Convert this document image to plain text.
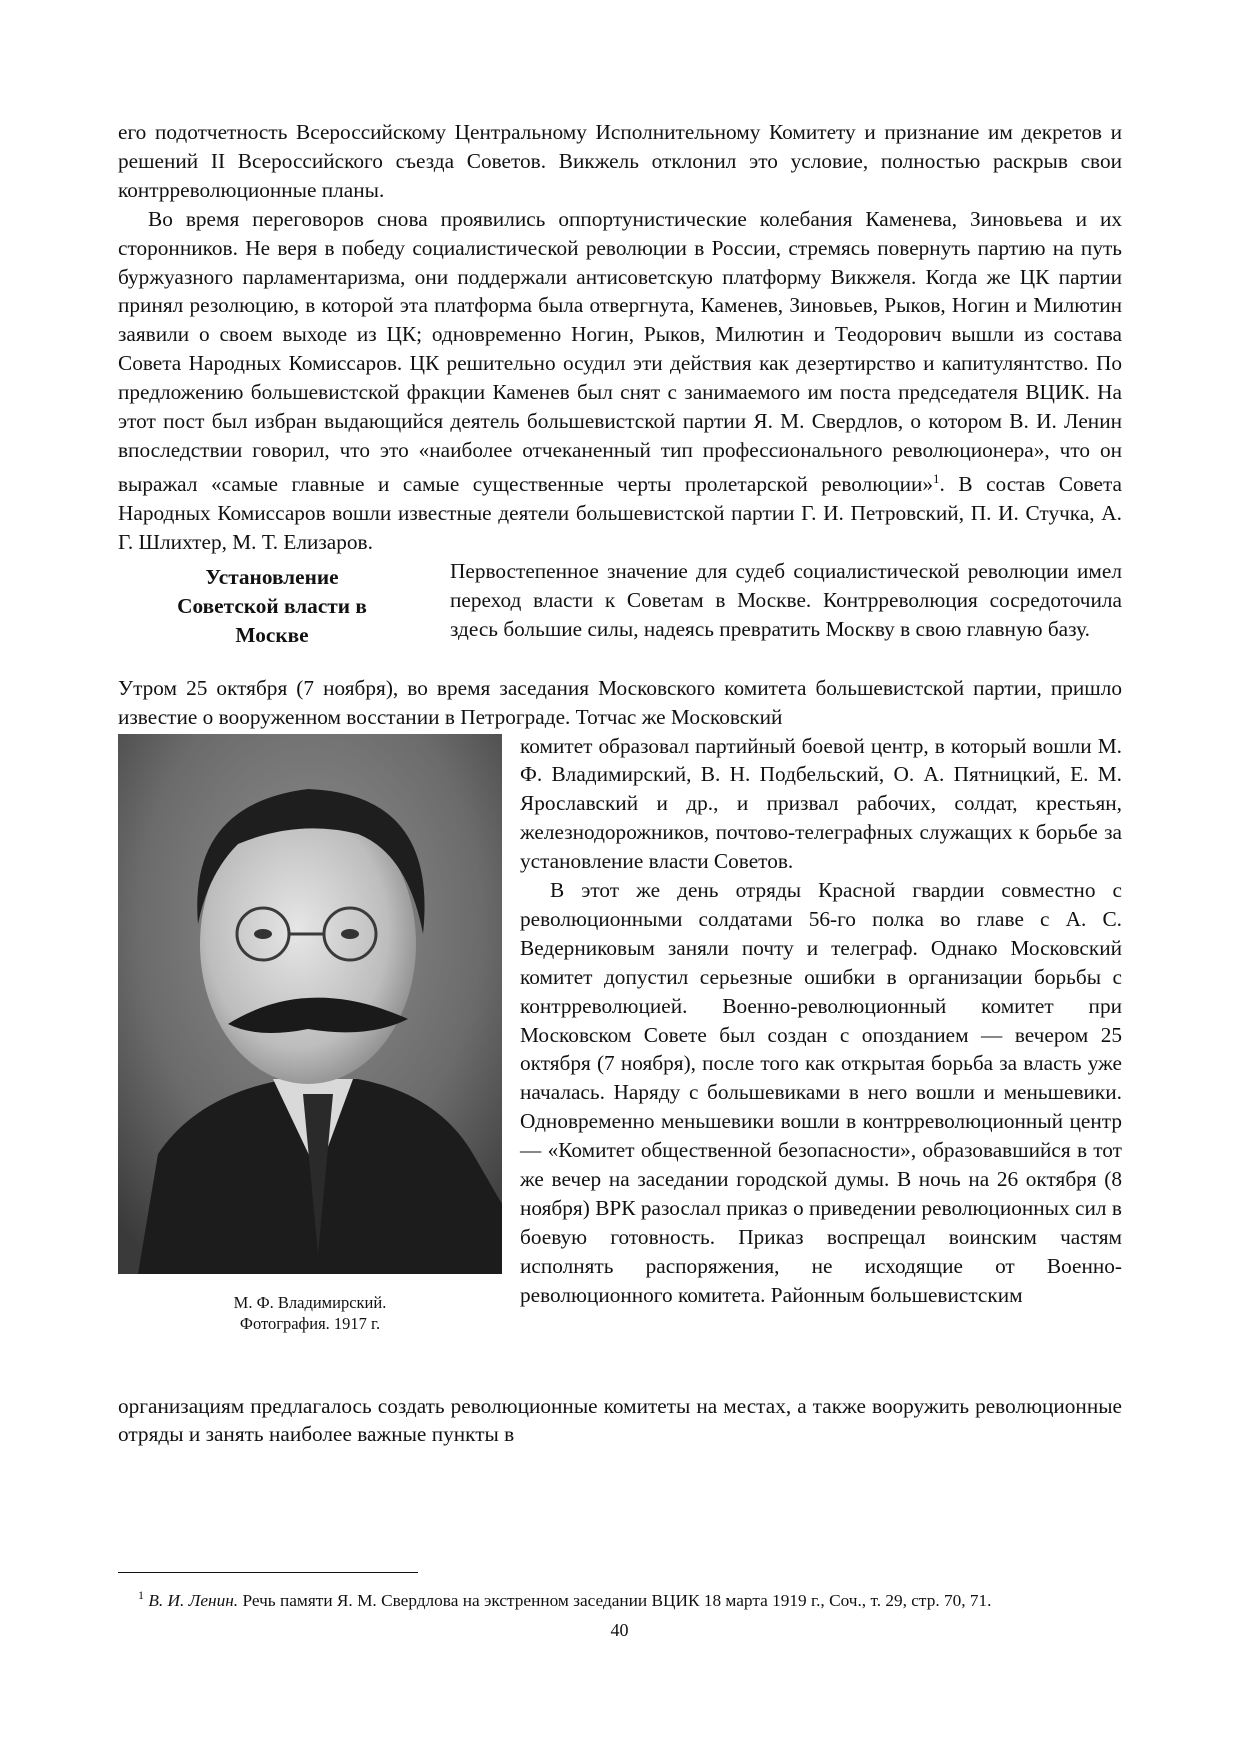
его подотчетность Всероссийскому Центральному Исполнительному Комитету и признание им декретов и решений II Всероссийского съезда Советов. Викжель отклонил это условие, полностью раскрыв свои контрреволюционные планы.

Во время переговоров снова проявились оппортунистические колебания Каменева, Зиновьева и их сторонников. Не веря в победу социалистической революции в России, стремясь повернуть партию на путь буржуазного парламентаризма, они поддержали антисоветскую платформу Викжеля. Когда же ЦК партии принял резолюцию, в которой эта платформа была отвергнута, Каменев, Зиновьев, Рыков, Ногин и Милютин заявили о своем выходе из ЦК; одновременно Ногин, Рыков, Милютин и Теодорович вышли из состава Совета Народных Комиссаров. ЦК решительно осудил эти действия как дезертирство и капитулянтство. По предложению большевистской фракции Каменев был снят с занимаемого им поста председателя ВЦИК. На этот пост был избран выдающийся деятель большевистской партии Я. М. Свердлов, о котором В. И. Ленин впоследствии говорил, что это «наиболее отчеканенный тип профессионального революционера», что он выражал «самые главные и самые существенные черты пролетарской революции»$^1$. В состав Совета Народных Комиссаров вошли известные деятели большевистской партии Г. И. Петровский, П. И. Стучка, А. Г. Шлихтер, М. Т. Елизаров.

Установление Советской власти в Москве

Первостепенное значение для судеб социалистической революции имел переход власти к Советам в Москве. Контрреволюция сосредоточила здесь большие силы, надеясь превратить Москву в свою главную базу.

Утром 25 октября (7 ноября), во время заседания Московского комитета большевистской партии, пришло известие о вооруженном восстании в Петрограде. Тотчас же Московский

М. Ф. Владимирский.
Фотография. 1917 г.

комитет образовал партийный боевой центр, в который вошли М. Ф. Владимирский, В. Н. Подбельский, О. А. Пятницкий, Е. М. Ярославский и др., и призвал рабочих, солдат, крестьян, железнодорожников, почтово-телеграфных служащих к борьбе за установление власти Советов.

В этот же день отряды Красной гвардии совместно с революционными солдатами 56-го полка во главе с А. С. Ведерниковым заняли почту и телеграф. Однако Московский комитет допустил серьезные ошибки в организации борьбы с контрреволюцией. Военно-революционный комитет при Московском Совете был создан с опозданием — вечером 25 октября (7 ноября), после того как открытая борьба за власть уже началась. Наряду с большевиками в него вошли и меньшевики. Одновременно меньшевики вошли в контрреволюционный центр — «Комитет общественной безопасности», образовавшийся в тот же вечер на заседании городской думы. В ночь на 26 октября (8 ноября) ВРК разослал приказ о приведении революционных сил в боевую готовность. Приказ воспрещал воинским частям исполнять распоряжения, не исходящие от Военно-революционного комитета. Районным большевистским

организациям предлагалось создать революционные комитеты на местах, а также вооружить революционные отряды и занять наиболее важные пункты в

$^1$ В. И. Ленин. Речь памяти Я. М. Свердлова на экстренном заседании ВЦИК 18 марта 1919 г., Соч., т. 29, стр. 70, 71.
40
